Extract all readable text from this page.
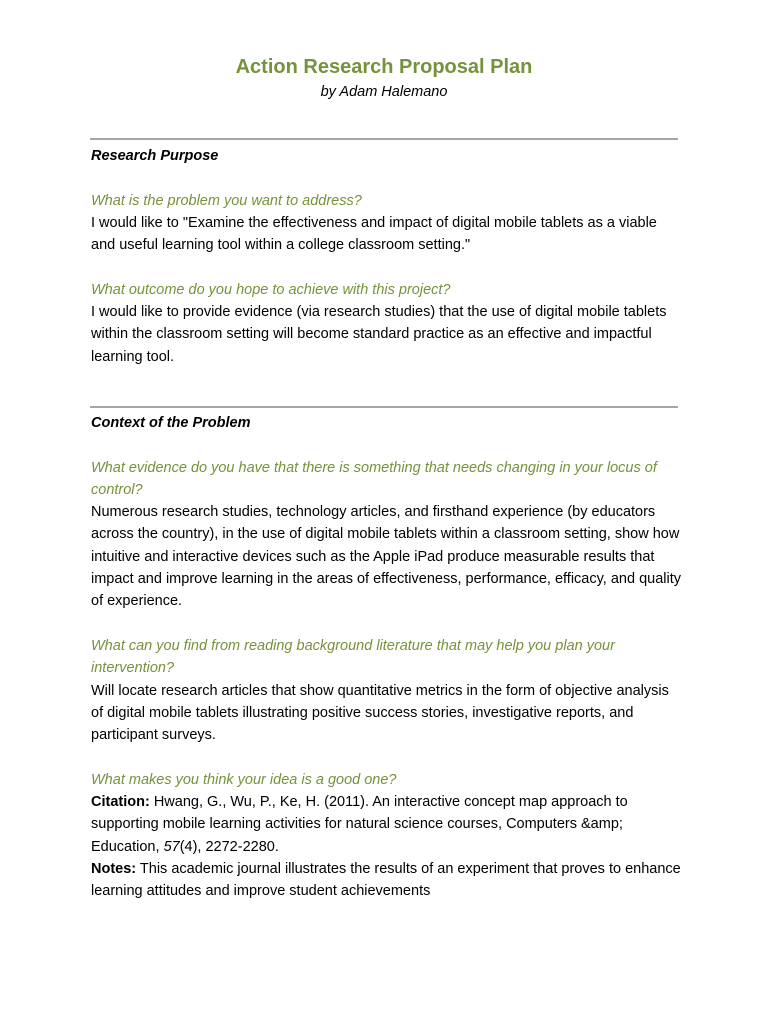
Action Research Proposal Plan
by Adam Halemano

Research Purpose

What is the problem you want to address?

I would like to "Examine the effectiveness and impact of digital mobile tablets as a viable and useful learning tool within a college classroom setting."

What outcome do you hope to achieve with this project?

I would like to provide evidence (via research studies) that the use of digital mobile tablets within the classroom setting will become standard practice as an effective and impactful learning tool.

Context of the Problem

What evidence do you have that there is something that needs changing in your locus of control?

Numerous research studies, technology articles, and firsthand experience (by educators across the country), in the use of digital mobile tablets within a classroom setting, show how intuitive and interactive devices such as the Apple iPad produce measurable results that impact and improve learning in the areas of effectiveness, performance, efficacy, and quality of experience.

What can you find from reading background literature that may help you plan your intervention?

Will locate research articles that show quantitative metrics in the form of objective analysis of digital mobile tablets illustrating positive success stories, investigative reports, and participant surveys.

What makes you think your idea is a good one?

Citation: Hwang, G., Wu, P., Ke, H. (2011). An interactive concept map approach to supporting mobile learning activities for natural science courses, Computers &amp; Education, 57(4), 2272-2280.

Notes: This academic journal illustrates the results of an experiment that proves to enhance learning attitudes and improve student achievements
